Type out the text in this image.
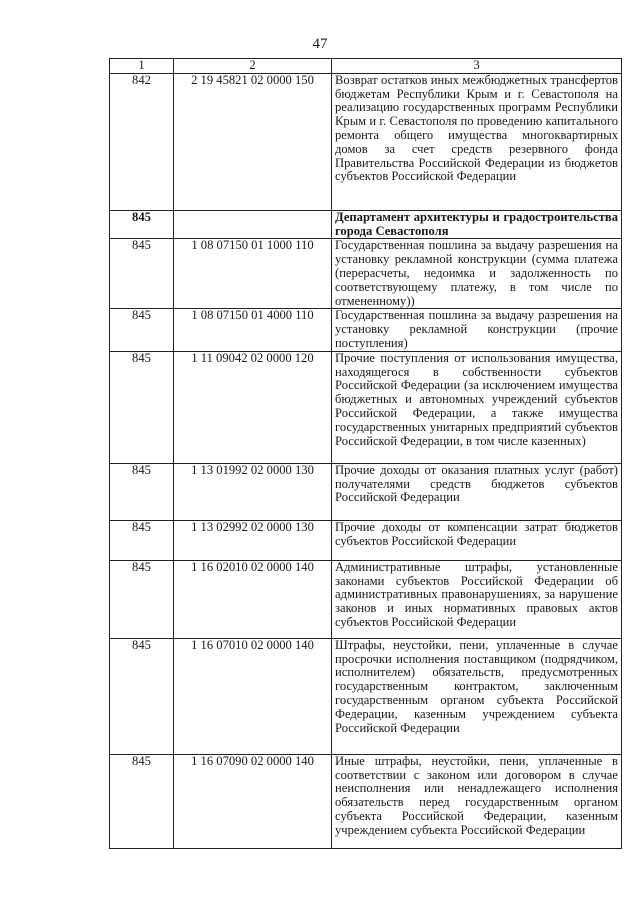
47
1	2	3
842	2 19 45821 02 0000 150	Возврат остатков иных межбюджетных трансфертов бюджетам Республики Крым и г. Севастополя на реализацию государственных программ Республики Крым и г. Севастополя по проведению капитального ремонта общего имущества многоквартирных домов за счет средств резервного фонда Правительства Российской Федерации из бюджетов субъектов Российской Федерации
845		Департамент архитектуры и градостроительства города Севастополя
845	1 08 07150 01 1000 110	Государственная пошлина за выдачу разрешения на установку рекламной конструкции (сумма платежа (перерасчеты, недоимка и задолженность по соответствующему платежу, в том числе по отмененному))
845	1 08 07150 01 4000 110	Государственная пошлина за выдачу разрешения на установку рекламной конструкции (прочие поступления)
845	1 11 09042 02 0000 120	Прочие поступления от использования имущества, находящегося в собственности субъектов Российской Федерации (за исключением имущества бюджетных и автономных учреждений субъектов Российской Федерации, а также имущества государственных унитарных предприятий субъектов Российской Федерации, в том числе казенных)
845	1 13 01992 02 0000 130	Прочие доходы от оказания платных услуг (работ) получателями средств бюджетов субъектов Российской Федерации
845	1 13 02992 02 0000 130	Прочие доходы от компенсации затрат бюджетов субъектов Российской Федерации
845	1 16 02010 02 0000 140	Административные штрафы, установленные законами субъектов Российской Федерации об административных правонарушениях, за нарушение законов и иных нормативных правовых актов субъектов Российской Федерации
845	1 16 07010 02 0000 140	Штрафы, неустойки, пени, уплаченные в случае просрочки исполнения поставщиком (подрядчиком, исполнителем) обязательств, предусмотренных государственным контрактом, заключенным государственным органом субъекта Российской Федерации, казенным учреждением субъекта Российской Федерации
845	1 16 07090 02 0000 140	Иные штрафы, неустойки, пени, уплаченные в соответствии с законом или договором в случае неисполнения или ненадлежащего исполнения обязательств перед государственным органом субъекта Российской Федерации, казенным учреждением субъекта Российской Федерации
